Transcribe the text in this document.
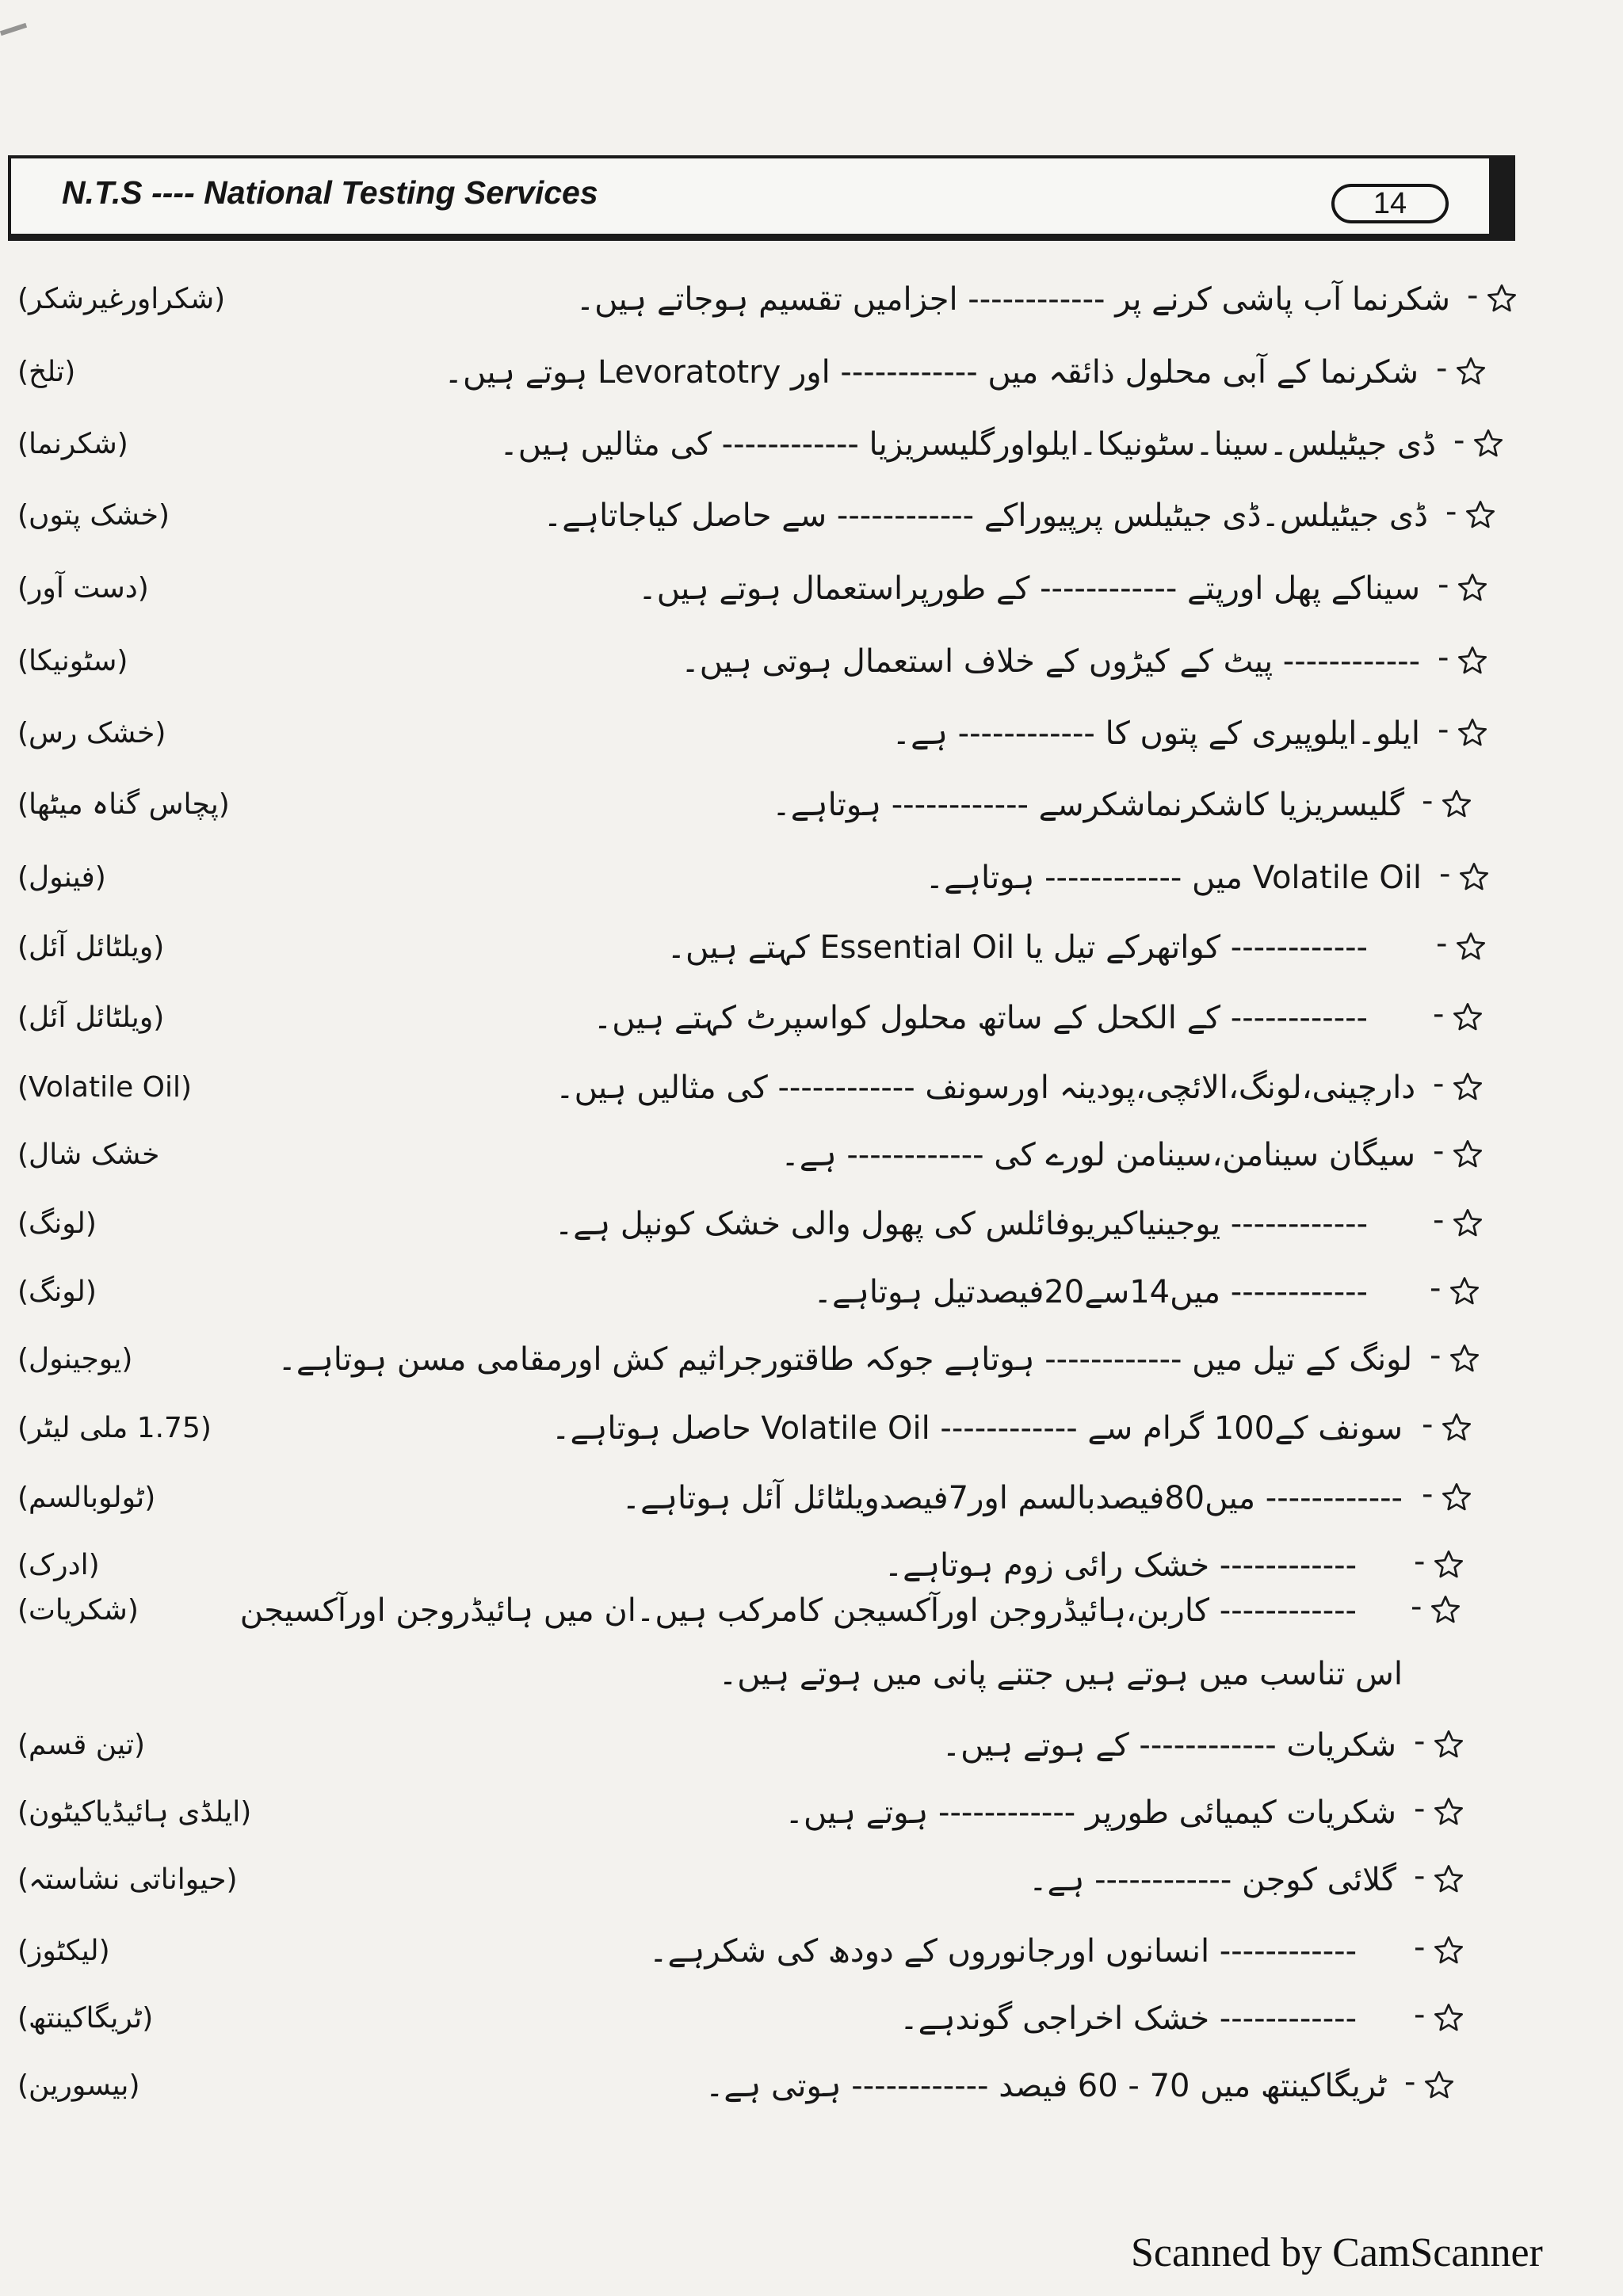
N.T.S ---- National Testing Services	14
-
شکرنما آب پاشی کرنے پر ------------ اجزامیں تقسیم ہوجاتے ہیں۔
(شکراورغیرشکر)
-
شکرنما کے آبی محلول ذائقہ میں ------------ اور Levoratotry ہوتے ہیں۔
(تلخ)
-
ڈی جیٹیلس۔سینا۔سٹونیکا۔ایلواورگلیسریزیا ------------ کی مثالیں ہیں۔
(شکرنما)
-
ڈی جیٹیلس۔ڈی جیٹیلس پرپیوراکے ------------ سے حاصل کیاجاتاہے۔
(خشک پتوں)
-
سیناکے پھل اورپتے ------------ کے طورپراستعمال ہوتے ہیں۔
(دست آور)
-
------------ پیٹ کے کیڑوں کے خلاف استعمال ہوتی ہیں۔
(سٹونیکا)
-
ایلو۔ایلوپیری کے پتوں کا ------------ ہے۔
(خشک رس)
-
گلیسریزیا کاشکرنماشکرسے ------------ ہوتاہے۔
(پچاس گناہ میٹھا)
-
Volatile Oil میں ------------ ہوتاہے۔
(فینول)
-
------------ کواتھرکے تیل یا Essential Oil کہتے ہیں۔
(ویلٹائل آئل)
-
------------ کے الکحل کے ساتھ محلول کواسپرٹ کہتے ہیں۔
(ویلٹائل آئل)
-
دارچینی،لونگ،الائچی،پودینہ اورسونف ------------ کی مثالیں ہیں۔
(Volatile Oil)
-
سیگان سینامن،سینامن لورے کی ------------ ہے۔
خشک شال)
-
------------ یوجینیاکیریوفائلس کی پھول والی خشک کونپل ہے۔
(لونگ)
-
------------ میں14سے20فیصدتیل ہوتاہے۔
(لونگ)
-
لونگ کے تیل میں ------------ ہوتاہے جوکہ طاقتورجراثیم کش اورمقامی مسن ہوتاہے۔
(یوجینول)
-
سونف کے100 گرام سے ------------ Volatile Oil حاصل ہوتاہے۔
(1.75 ملی لیٹر)
-
------------ میں80فیصدبالسم اور7فیصدویلٹائل آئل ہوتاہے۔
(ٹولوبالسم)
-
------------ خشک رائی زوم ہوتاہے۔
(ادرک)
-
------------ کاربن،ہائیڈروجن اورآکسیجن کامرکب ہیں۔ان میں ہائیڈروجن اورآکسیجن
(شکریات)
اس تناسب میں ہوتے ہیں جتنے پانی میں ہوتے ہیں۔
-
شکریات ------------ کے ہوتے ہیں۔
(تین قسم)
-
شکریات کیمیائی طورپر ------------ ہوتے ہیں۔
(ایلڈی ہائیڈیاکیٹون)
-
گلائی کوجن ------------ ہے۔
(حیواناتی نشاستہ)
-
------------ انسانوں اورجانوروں کے دودھ کی شکرہے۔
(لیکٹوز)
-
------------ خشک اخراجی گوندہے۔
(ٹریگاکینتھ)
-
ٹریگاکینتھ میں 70 - 60 فیصد ------------ ہوتی ہے۔
(بیسورین)
Scanned by CamScanner
